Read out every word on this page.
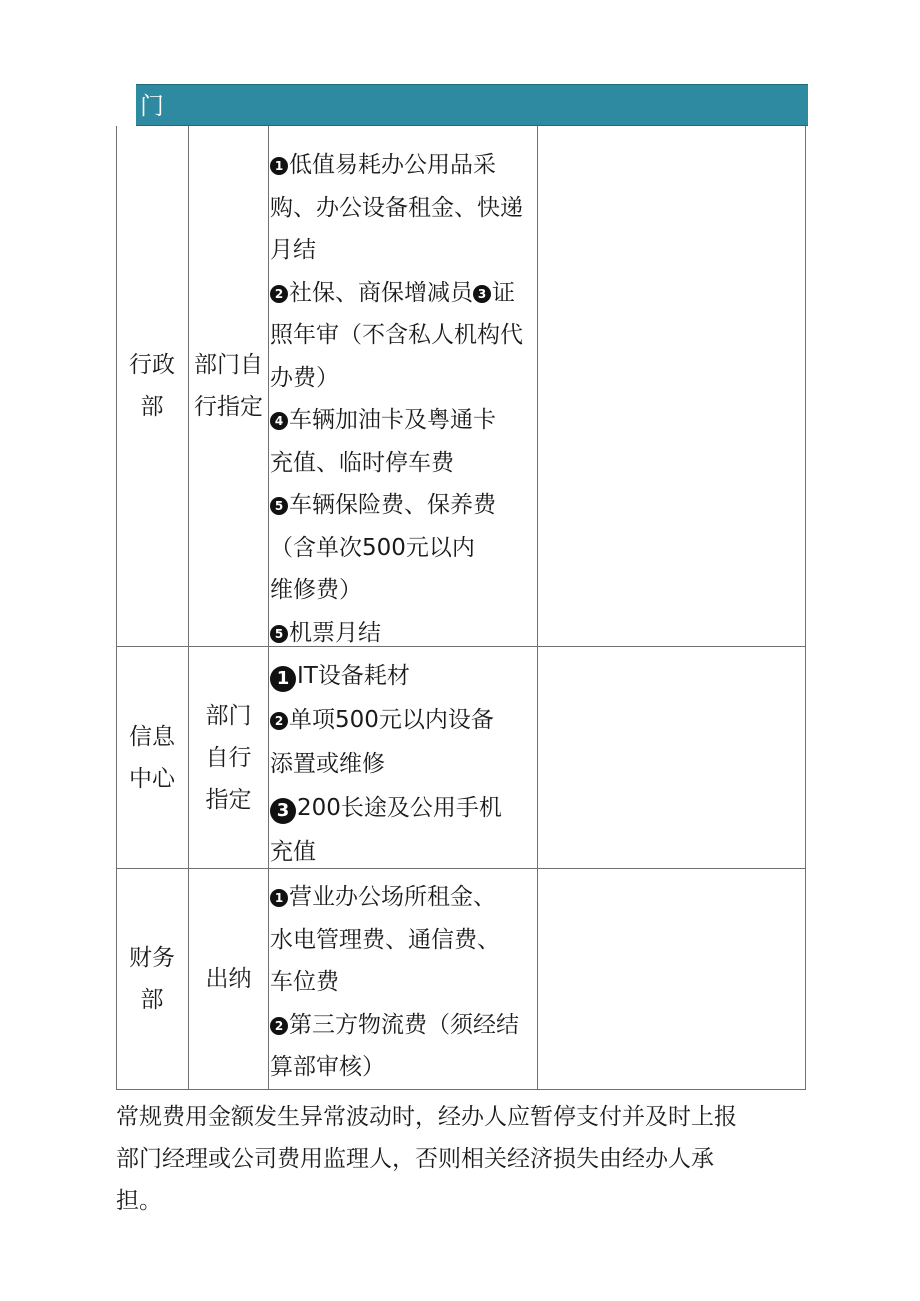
门
行政
部
部门自
行指定
1 低值易耗办公用品采
购、办公设备租金、快递
月结
2 社保、商保增减员 3 证
照年审（不含私人机构代
办费）
4 车辆加油卡及粤通卡
充值、临时停车费
5 车辆保险费、保养费
（含单次500元以内
维修费）
5 机票月结
信息
中心
部门
自行
指定
1 IT设备耗材
2 单项500元以内设备
添置或维修
3 200长途及公用手机
充值
财务
部
出纳
1 营业办公场所租金、
水电管理费、通信费、
车位费
2 第三方物流费（须经结
算部审核）
常规费用金额发生异常波动时，经办人应暂停支付并及时上报
部门经理或公司费用监理人，否则相关经济损失由经办人承
担。
